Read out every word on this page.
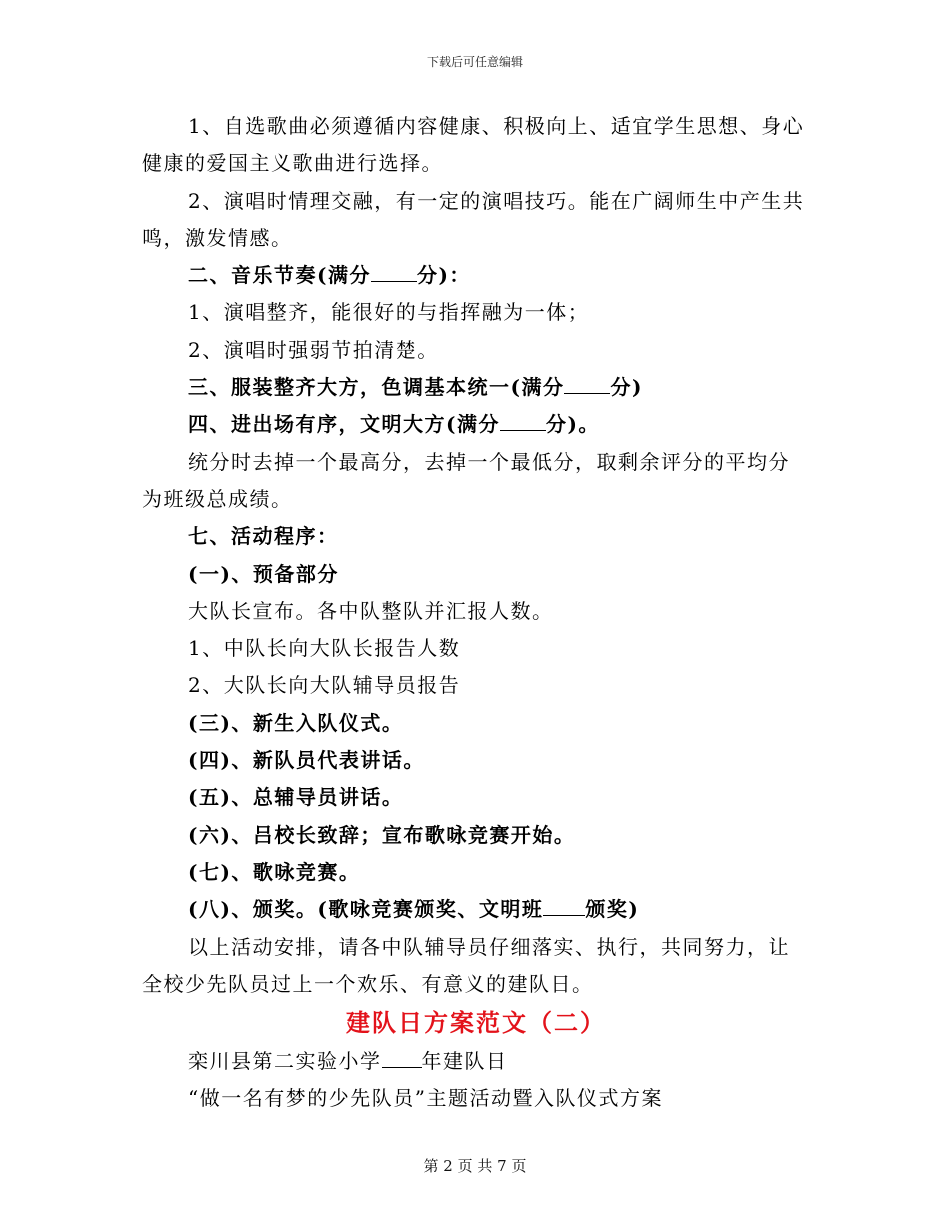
下载后可任意编辑

1、自选歌曲必须遵循内容健康、积极向上、适宜学生思想、身心

健康的爱国主义歌曲进行选择。

2、演唱时情理交融，有一定的演唱技巧。能在广阔师生中产生共

鸣，激发情感。

二、音乐节奏(满分 分)：

1、演唱整齐，能很好的与指挥融为一体；

2、演唱时强弱节拍清楚。

三、服装整齐大方，色调基本统一(满分 分)

四、进出场有序，文明大方(满分 分)。

统分时去掉一个最高分，去掉一个最低分，取剩余评分的平均分

为班级总成绩。

七、活动程序：

(一)、预备部分

大队长宣布。各中队整队并汇报人数。

1、中队长向大队长报告人数

2、大队长向大队辅导员报告

(三)、新生入队仪式。

(四)、新队员代表讲话。

(五)、总辅导员讲话。

(六)、吕校长致辞；宣布歌咏竞赛开始。

(七)、歌咏竞赛。

(八)、颁奖。(歌咏竞赛颁奖、文明班 颁奖)

以上活动安排，请各中队辅导员仔细落实、执行，共同努力，让

全校少先队员过上一个欢乐、有意义的建队日。

建队日方案范文（二）

栾川县第二实验小学 年建队日

“做一名有梦的少先队员”主题活动暨入队仪式方案

第 2 页 共 7 页
